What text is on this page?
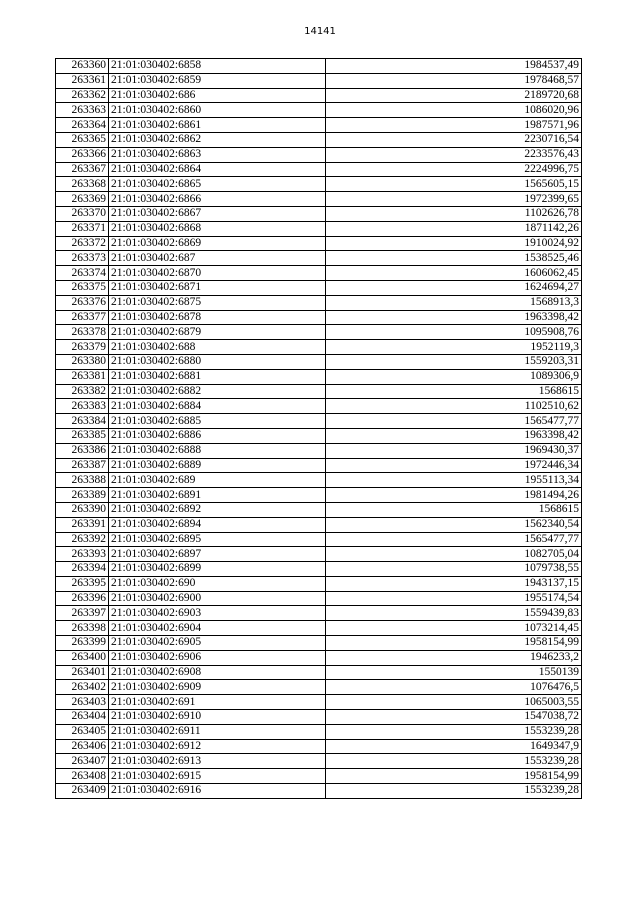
14141
263360	21:01:030402:6858	1984537,49
263361	21:01:030402:6859	1978468,57
263362	21:01:030402:686	2189720,68
263363	21:01:030402:6860	1086020,96
263364	21:01:030402:6861	1987571,96
263365	21:01:030402:6862	2230716,54
263366	21:01:030402:6863	2233576,43
263367	21:01:030402:6864	2224996,75
263368	21:01:030402:6865	1565605,15
263369	21:01:030402:6866	1972399,65
263370	21:01:030402:6867	1102626,78
263371	21:01:030402:6868	1871142,26
263372	21:01:030402:6869	1910024,92
263373	21:01:030402:687	1538525,46
263374	21:01:030402:6870	1606062,45
263375	21:01:030402:6871	1624694,27
263376	21:01:030402:6875	1568913,3
263377	21:01:030402:6878	1963398,42
263378	21:01:030402:6879	1095908,76
263379	21:01:030402:688	1952119,3
263380	21:01:030402:6880	1559203,31
263381	21:01:030402:6881	1089306,9
263382	21:01:030402:6882	1568615
263383	21:01:030402:6884	1102510,62
263384	21:01:030402:6885	1565477,77
263385	21:01:030402:6886	1963398,42
263386	21:01:030402:6888	1969430,37
263387	21:01:030402:6889	1972446,34
263388	21:01:030402:689	1955113,34
263389	21:01:030402:6891	1981494,26
263390	21:01:030402:6892	1568615
263391	21:01:030402:6894	1562340,54
263392	21:01:030402:6895	1565477,77
263393	21:01:030402:6897	1082705,04
263394	21:01:030402:6899	1079738,55
263395	21:01:030402:690	1943137,15
263396	21:01:030402:6900	1955174,54
263397	21:01:030402:6903	1559439,83
263398	21:01:030402:6904	1073214,45
263399	21:01:030402:6905	1958154,99
263400	21:01:030402:6906	1946233,2
263401	21:01:030402:6908	1550139
263402	21:01:030402:6909	1076476,5
263403	21:01:030402:691	1065003,55
263404	21:01:030402:6910	1547038,72
263405	21:01:030402:6911	1553239,28
263406	21:01:030402:6912	1649347,9
263407	21:01:030402:6913	1553239,28
263408	21:01:030402:6915	1958154,99
263409	21:01:030402:6916	1553239,28
